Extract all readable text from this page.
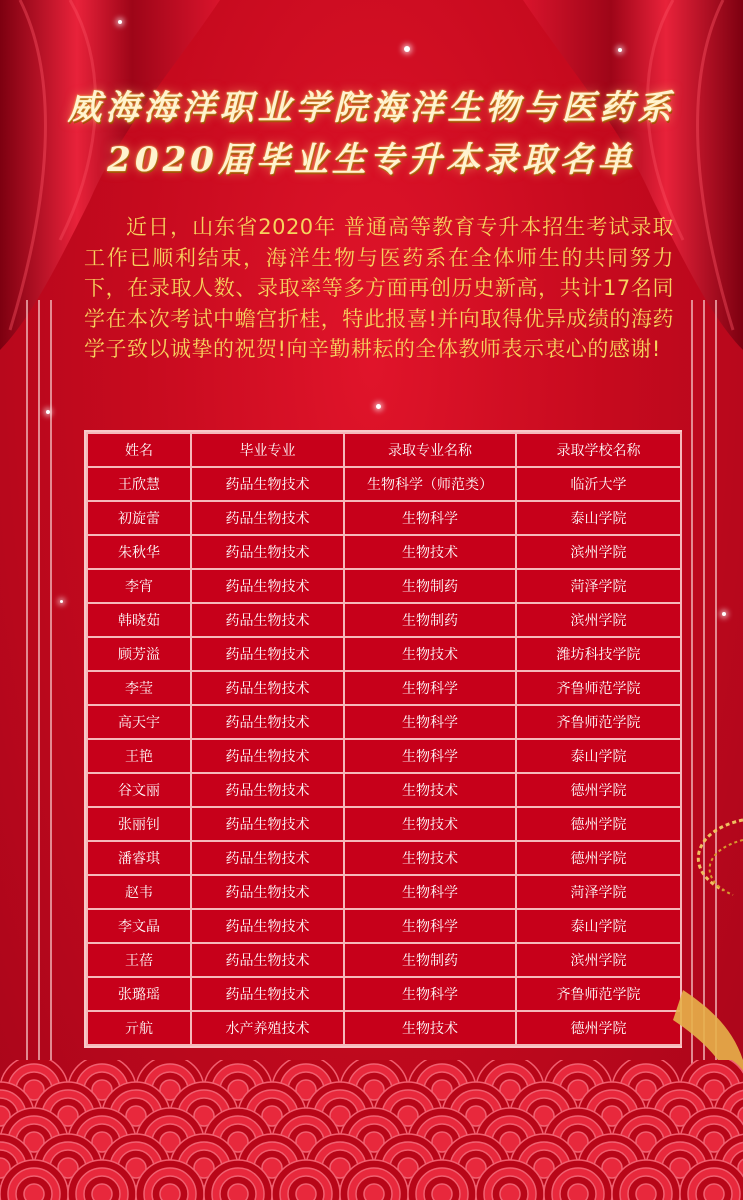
威海海洋职业学院海洋生物与医药系
2020届毕业生专升本录取名单
近日，山东省2020年 普通高等教育专升本招生考试录取工作已顺利结束，海洋生物与医药系在全体师生的共同努力下，在录取人数、录取率等多方面再创历史新高，共计17名同学在本次考试中蟾宫折桂，特此报喜!并向取得优异成绩的海药学子致以诚挚的祝贺!向辛勤耕耘的全体教师表示衷心的感谢!
姓名	毕业专业	录取专业名称	录取学校名称
王欣慧	药品生物技术	生物科学（师范类）	临沂大学
初旋蕾	药品生物技术	生物科学	泰山学院
朱秋华	药品生物技术	生物技术	滨州学院
李宵	药品生物技术	生物制药	菏泽学院
韩晓茹	药品生物技术	生物制药	滨州学院
顾芳溢	药品生物技术	生物技术	潍坊科技学院
李莹	药品生物技术	生物科学	齐鲁师范学院
高天宇	药品生物技术	生物科学	齐鲁师范学院
王艳	药品生物技术	生物科学	泰山学院
谷文丽	药品生物技术	生物技术	德州学院
张丽钊	药品生物技术	生物技术	德州学院
潘睿琪	药品生物技术	生物技术	德州学院
赵韦	药品生物技术	生物科学	菏泽学院
李文晶	药品生物技术	生物科学	泰山学院
王蓓	药品生物技术	生物制药	滨州学院
张璐瑶	药品生物技术	生物科学	齐鲁师范学院
亓航	水产养殖技术	生物技术	德州学院
